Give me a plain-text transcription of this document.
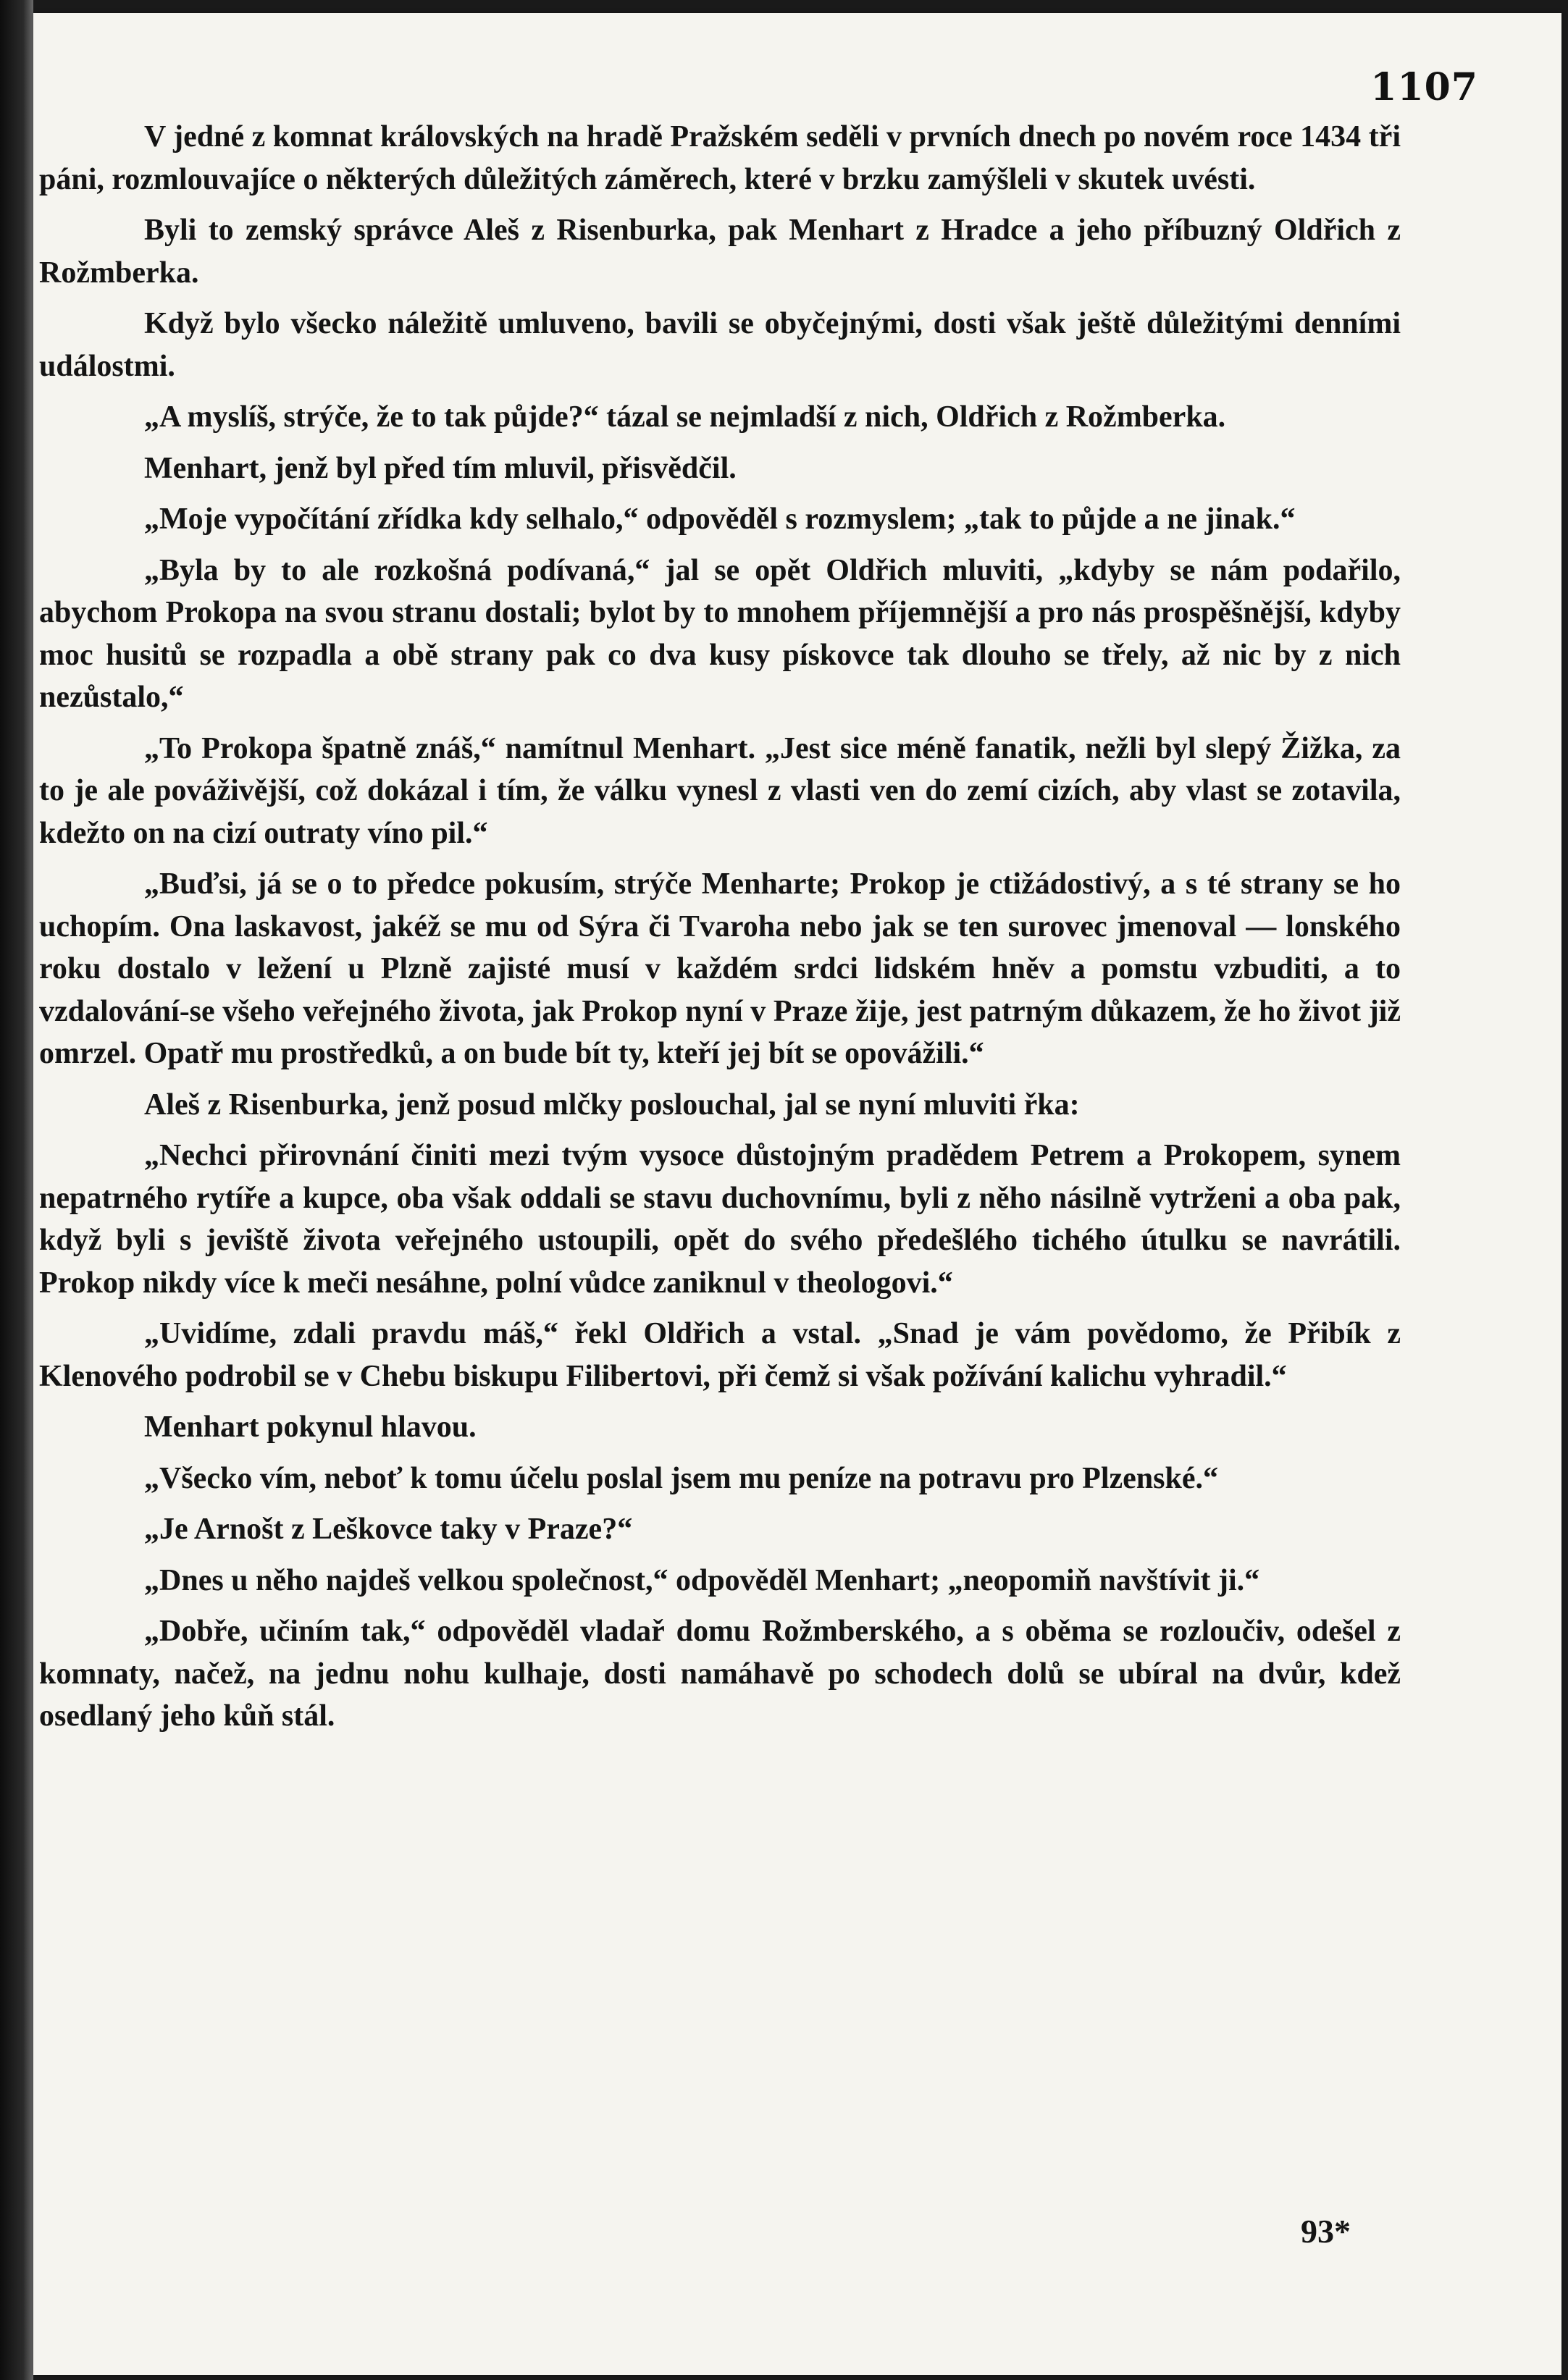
1107

V jedné z komnat královských na hradě Pražském seděli v prvních dnech po novém roce 1434 tři páni, rozmlouvajíce o některých důležitých záměrech, které v brzku zamýšleli v skutek uvésti.

Byli to zemský správce Aleš z Risenburka, pak Menhart z Hradce a jeho příbuzný Oldřich z Rožmberka.

Když bylo všecko náležitě umluveno, bavili se obyčejnými, dosti však ještě důležitými denními událostmi.

„A myslíš, strýče, že to tak půjde?“ tázal se nejmladší z nich, Oldřich z Rožmberka.

Menhart, jenž byl před tím mluvil, přisvědčil.

„Moje vypočítání zřídka kdy selhalo,“ odpověděl s rozmyslem; „tak to půjde a ne jinak.“

„Byla by to ale rozkošná podívaná,“ jal se opět Oldřich mluviti, „kdyby se nám podařilo, abychom Prokopa na svou stranu dostali; bylot by to mnohem příjemnější a pro nás prospěšnější, kdyby moc husitů se rozpadla a obě strany pak co dva kusy pískovce tak dlouho se třely, až nic by z nich nezůstalo,“

„To Prokopa špatně znáš,“ namítnul Menhart. „Jest sice méně fanatik, nežli byl slepý Žižka, za to je ale pováživější, což dokázal i tím, že válku vynesl z vlasti ven do zemí cizích, aby vlast se zotavila, kdežto on na cizí outraty víno pil.“

„Buďsi, já se o to předce pokusím, strýče Menharte; Prokop je ctižádostivý, a s té strany se ho uchopím. Ona laskavost, jakéž se mu od Sýra či Tvaroha nebo jak se ten surovec jmenoval — lonského roku dostalo v ležení u Plzně zajisté musí v každém srdci lidském hněv a pomstu vzbuditi, a to vzdalování-se všeho veřejného života, jak Prokop nyní v Praze žije, jest patrným důkazem, že ho život již omrzel. Opatř mu prostředků, a on bude bít ty, kteří jej bít se opovážili.“

Aleš z Risenburka, jenž posud mlčky poslouchal, jal se nyní mluviti řka:

„Nechci přirovnání činiti mezi tvým vysoce důstojným pradědem Petrem a Prokopem, synem nepatrného rytíře a kupce, oba však oddali se stavu duchovnímu, byli z něho násilně vytrženi a oba pak, když byli s jeviště života veřejného ustoupili, opět do svého předešlého tichého útulku se navrátili. Prokop nikdy více k meči nesáhne, polní vůdce zaniknul v theologovi.“

„Uvidíme, zdali pravdu máš,“ řekl Oldřich a vstal. „Snad je vám povědomo, že Přibík z Klenového podrobil se v Chebu biskupu Filibertovi, při čemž si však požívání kalichu vyhradil.“

Menhart pokynul hlavou.

„Všecko vím, neboť k tomu účelu poslal jsem mu peníze na potravu pro Plzenské.“

„Je Arnošt z Leškovce taky v Praze?“

„Dnes u něho najdeš velkou společnost,“ odpověděl Menhart; „neopomiň navštívit ji.“

„Dobře, učiním tak,“ odpověděl vladař domu Rožmberského, a s oběma se rozloučiv, odešel z komnaty, načež, na jednu nohu kulhaje, dosti namáhavě po schodech dolů se ubíral na dvůr, kdež osedlaný jeho kůň stál.

93*
